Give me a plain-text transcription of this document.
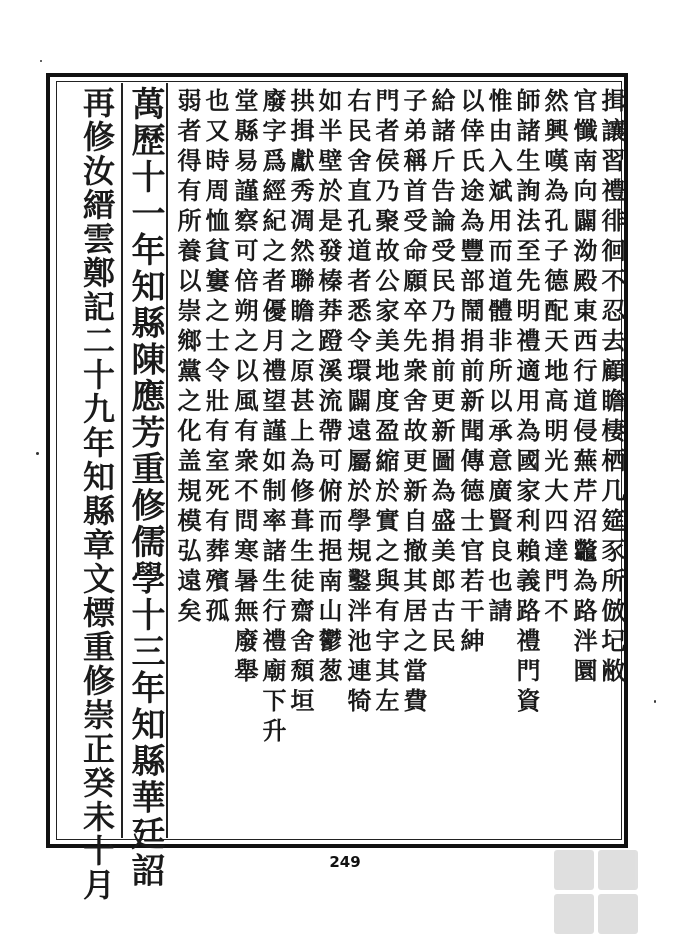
揖讓習禮徘徊不忍去顧瞻棲栖几筵豕所倣圮敝
官懺南向闢泑殿東西行道侵蕪芹沼龞為路泮圜
然興嘆為孔子德配天地高明光大四達門不
師諸生詢法至先明禮適用為國家利賴義路禮門資
惟由入斌用而道體非所以承意廣賢良也請
以倖氏途為豐部鬧捐前新聞傳德士官若干紳
給諸斤告論受民乃捐前更新圖為盛美郎古民
子弟稱首受命願卒先衆舍故更新自撤其居之當費
門者侯乃聚故公家美地度盈縮於實之與有宇其左
右民舍直孔道者悉令環闢遠屬於學規鑿泮池連犄
如半壁於是發榛莽蹬溪流帶可俯而挹南山鬱葱
拱揖獻秀凋然聯瞻之原甚上為修葺生徒齋舍頹垣
廢字爲經紀之者優月禮望謹如制率諸生行禮廟下升
堂縣易謹察可倍朔之以風有衆不問寒暑無廢舉
也又時周恤貧窶之士令壯有室死有葬殯孤
萬歷十一年知縣陳應芳重修儒學十三年知縣華廷詔
再修汝縉雲鄭記二十九年知縣章文標重修崇正癸未十月	249
弱者得有所養以崇鄉黨之化盖規模弘遠矣
